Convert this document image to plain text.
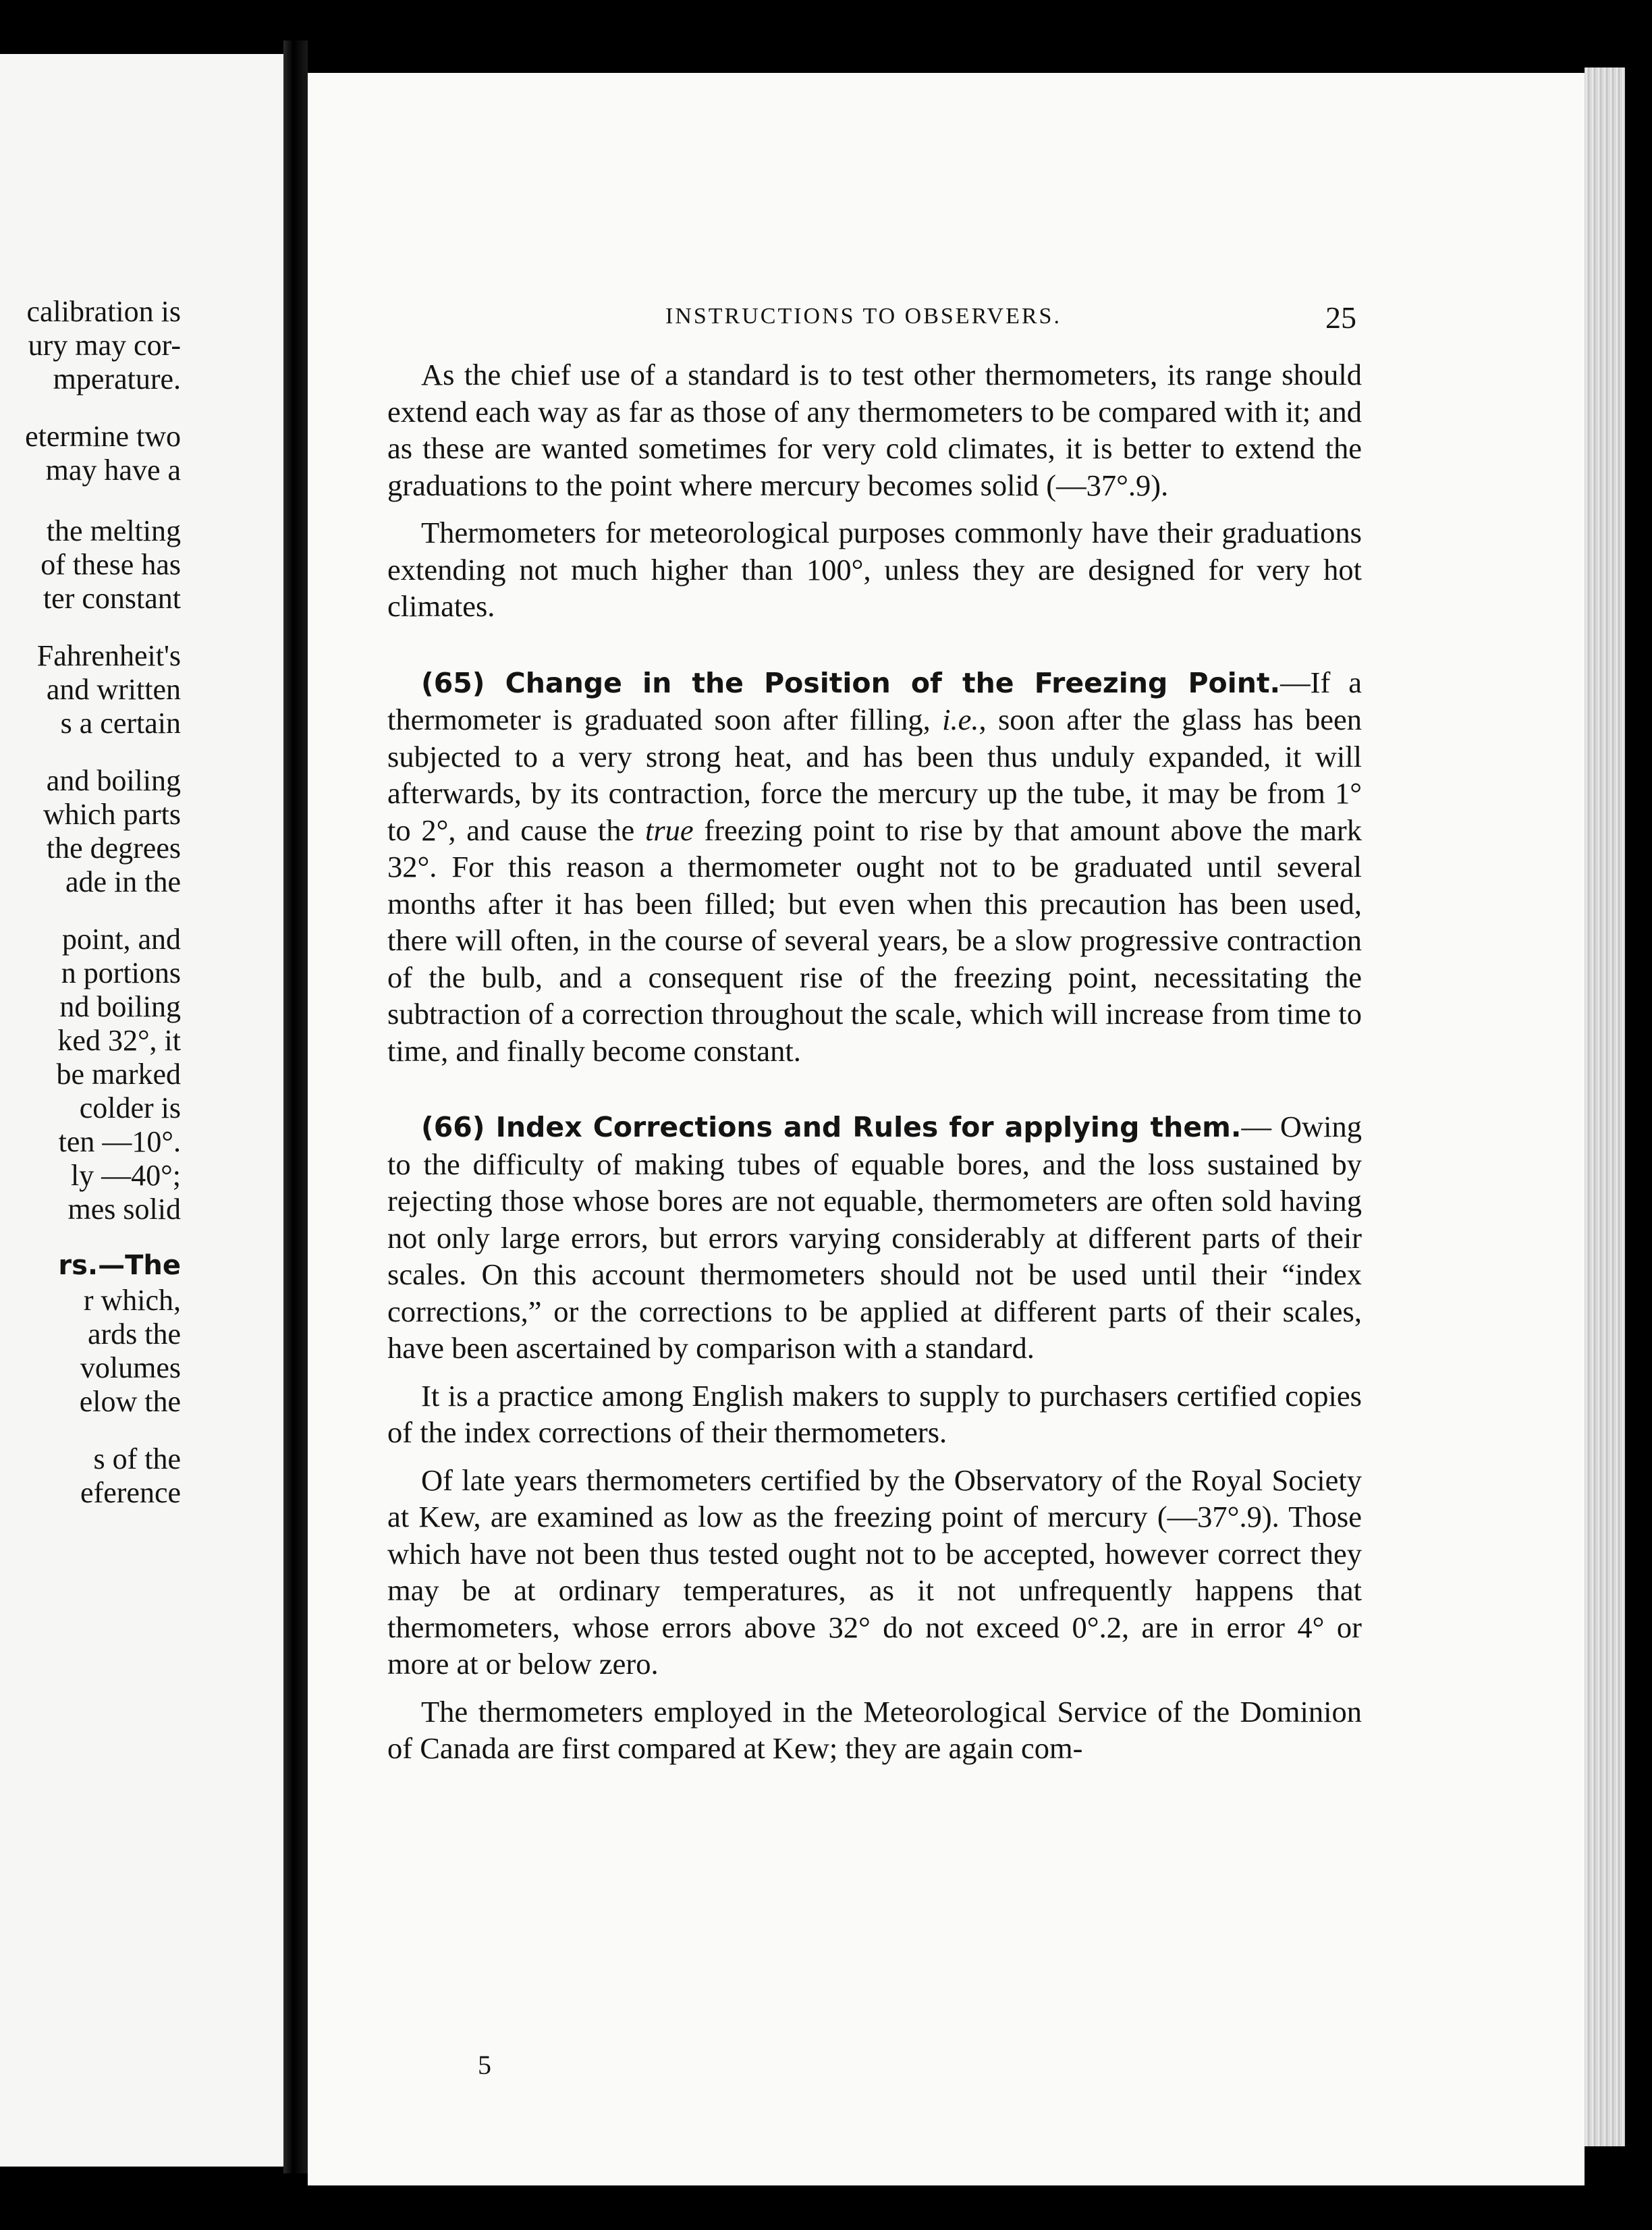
calibration is
ury may cor-
mperature.
etermine two
may have a
the melting
of these has
ter constant
Fahrenheit's
and written
s a certain
and boiling
which parts
the degrees
ade in the
point, and
n portions
nd boiling
ked 32°, it
be marked
colder is
ten —10°.
ly —40°;
mes solid
rs.—The
r which,
ards the
volumes
elow the
s of the
eference
INSTRUCTIONS TO OBSERVERS.	25

As the chief use of a standard is to test other thermometers, its range should extend each way as far as those of any thermometers to be compared with it; and as these are wanted sometimes for very cold climates, it is better to extend the graduations to the point where mercury becomes solid (—37°.9).

Thermometers for meteorological purposes commonly have their graduations extending not much higher than 100°, unless they are designed for very hot climates.

(65) Change in the Position of the Freezing Point.—If a thermometer is graduated soon after filling, i.e., soon after the glass has been subjected to a very strong heat, and has been thus unduly expanded, it will afterwards, by its contraction, force the mercury up the tube, it may be from 1° to 2°, and cause the true freezing point to rise by that amount above the mark 32°. For this reason a thermometer ought not to be graduated until several months after it has been filled; but even when this precaution has been used, there will often, in the course of several years, be a slow progressive contraction of the bulb, and a consequent rise of the freezing point, necessitating the subtraction of a correction throughout the scale, which will increase from time to time, and finally become constant.

(66) Index Corrections and Rules for applying them.— Owing to the difficulty of making tubes of equable bores, and the loss sustained by rejecting those whose bores are not equable, thermometers are often sold having not only large errors, but errors varying considerably at different parts of their scales. On this account thermometers should not be used until their “index corrections,” or the corrections to be applied at different parts of their scales, have been ascertained by comparison with a standard.

It is a practice among English makers to supply to purchasers certified copies of the index corrections of their thermometers.

Of late years thermometers certified by the Observatory of the Royal Society at Kew, are examined as low as the freezing point of mercury (—37°.9). Those which have not been thus tested ought not to be accepted, however correct they may be at ordinary temperatures, as it not unfrequently happens that thermometers, whose errors above 32° do not exceed 0°.2, are in error 4° or more at or below zero.

The thermometers employed in the Meteorological Service of the Dominion of Canada are first compared at Kew; they are again com-

5
